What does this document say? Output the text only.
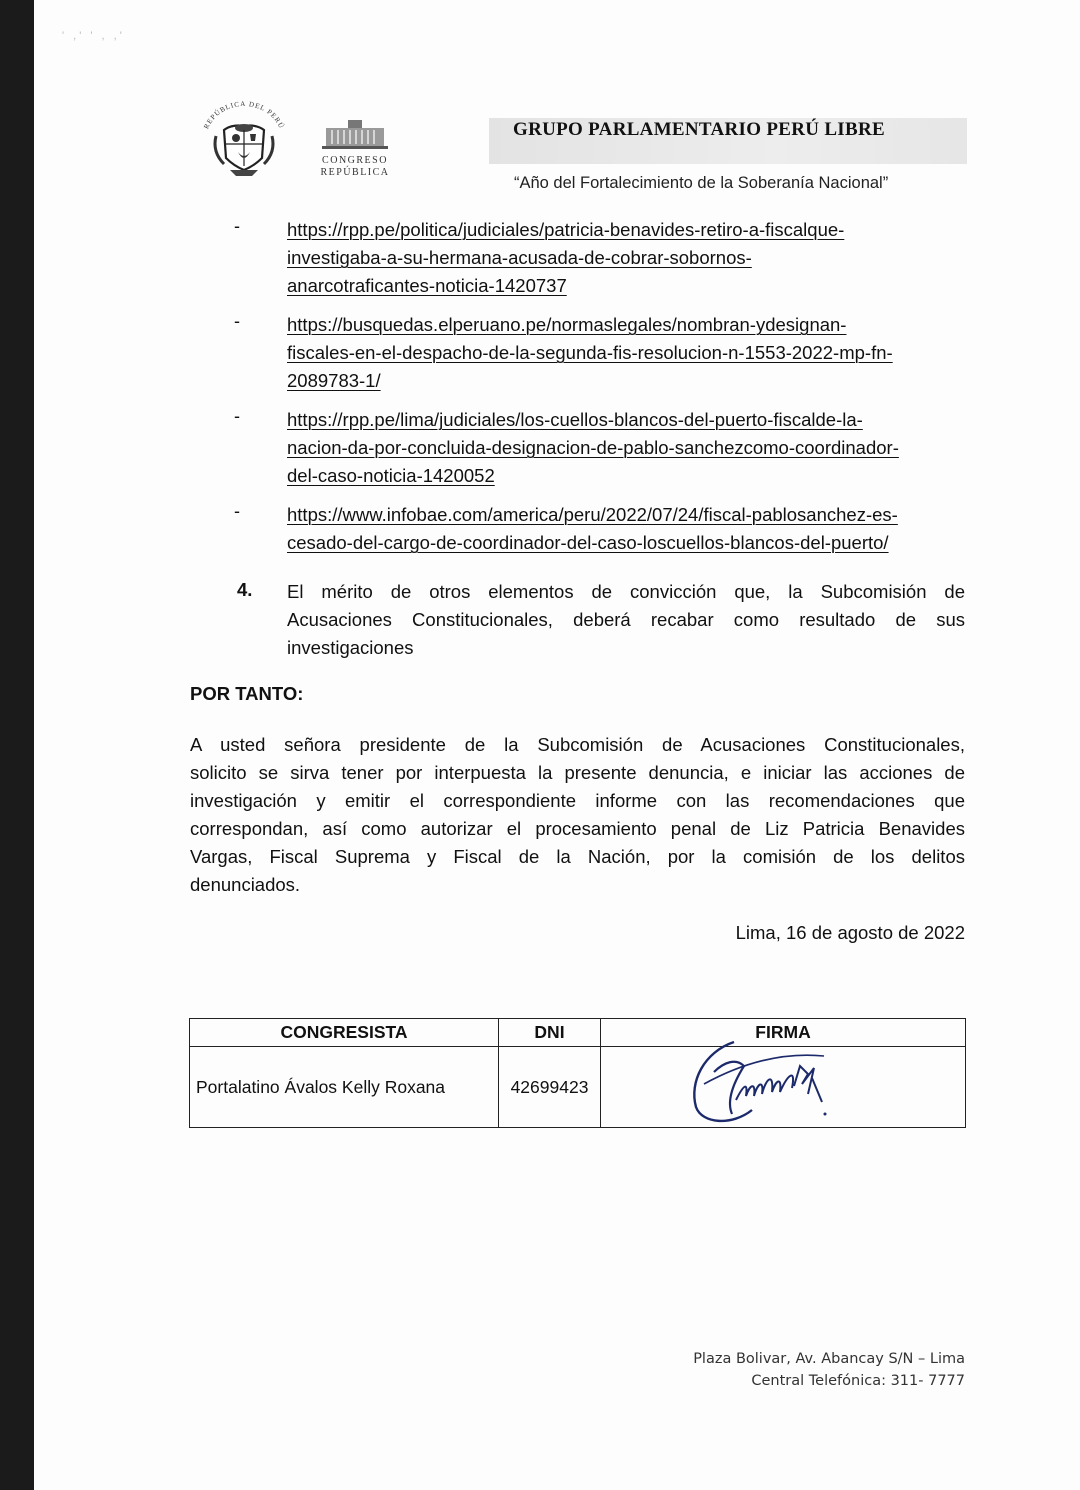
' ,' ' , ,'
REPÚBLICA DEL PERÚ
CONGRESO
REPÚBLICA
GRUPO PARLAMENTARIO PERÚ LIBRE
“Año del Fortalecimiento de la Soberanía Nacional”
-	https://rpp.pe/politica/judiciales/patricia-benavides-retiro-a-fiscalque-
investigaba-a-su-hermana-acusada-de-cobrar-sobornos-
anarcotraficantes-noticia-1420737
-	https://busquedas.elperuano.pe/normaslegales/nombran-ydesignan-
fiscales-en-el-despacho-de-la-segunda-fis-resolucion-n-1553-2022-mp-fn-
2089783-1/
-	https://rpp.pe/lima/judiciales/los-cuellos-blancos-del-puerto-fiscalde-la-
nacion-da-por-concluida-designacion-de-pablo-sanchezcomo-coordinador-
del-caso-noticia-1420052
-	https://www.infobae.com/america/peru/2022/07/24/fiscal-pablosanchez-es-
cesado-del-cargo-de-coordinador-del-caso-loscuellos-blancos-del-puerto/
4. El mérito de otros elementos de convicción que, la Subcomisión de
Acusaciones Constitucionales, deberá recabar como resultado de sus
investigaciones
POR TANTO:
A usted señora presidente de la Subcomisión de Acusaciones Constitucionales,
solicito se sirva tener por interpuesta la presente denuncia, e iniciar las acciones de
investigación y emitir el correspondiente informe con las recomendaciones que
correspondan, así como autorizar el procesamiento penal de Liz Patricia Benavides
Vargas, Fiscal Suprema y Fiscal de la Nación, por la comisión de los delitos
denunciados.
Lima, 16 de agosto de 2022
CONGRESISTA	DNI	FIRMA
Portalatino Ávalos Kelly Roxana	42699423	
Plaza Bolivar, Av. Abancay S/N – Lima
Central Telefónica: 311- 7777
